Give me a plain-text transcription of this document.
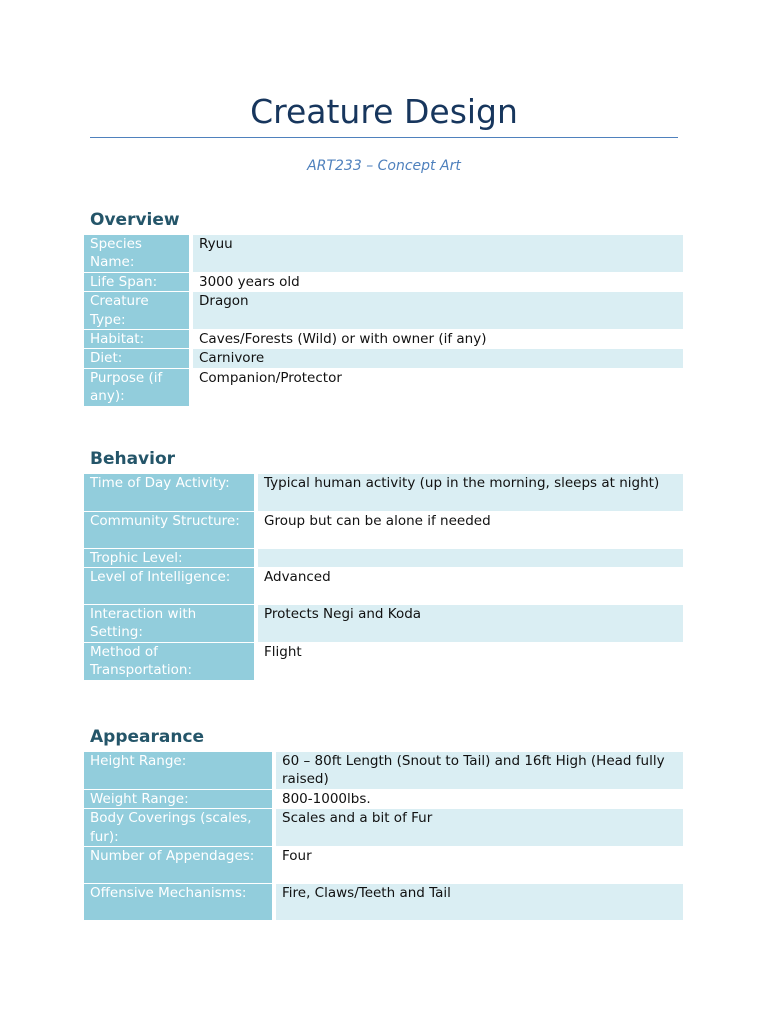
Creature Design
ART233 – Concept Art
Overview
Species Name:	Ryuu
Life Span:	3000 years old
Creature Type:	Dragon
Habitat:	Caves/Forests (Wild) or with owner (if any)
Diet:	Carnivore
Purpose (if any):	Companion/Protector
Behavior
Time of Day Activity:	Typical human activity (up in the morning, sleeps at night)
Community Structure:	Group but can be alone if needed
Trophic Level:	
Level of Intelligence:	Advanced
Interaction with Setting:	Protects Negi and Koda
Method of Transportation:	Flight
Appearance
Height Range:	60 – 80ft Length (Snout to Tail) and 16ft High (Head fully raised)
Weight Range:	800-1000lbs.
Body Coverings (scales, fur):	Scales and a bit of Fur
Number of Appendages:	Four
Offensive Mechanisms:	Fire, Claws/Teeth and Tail
